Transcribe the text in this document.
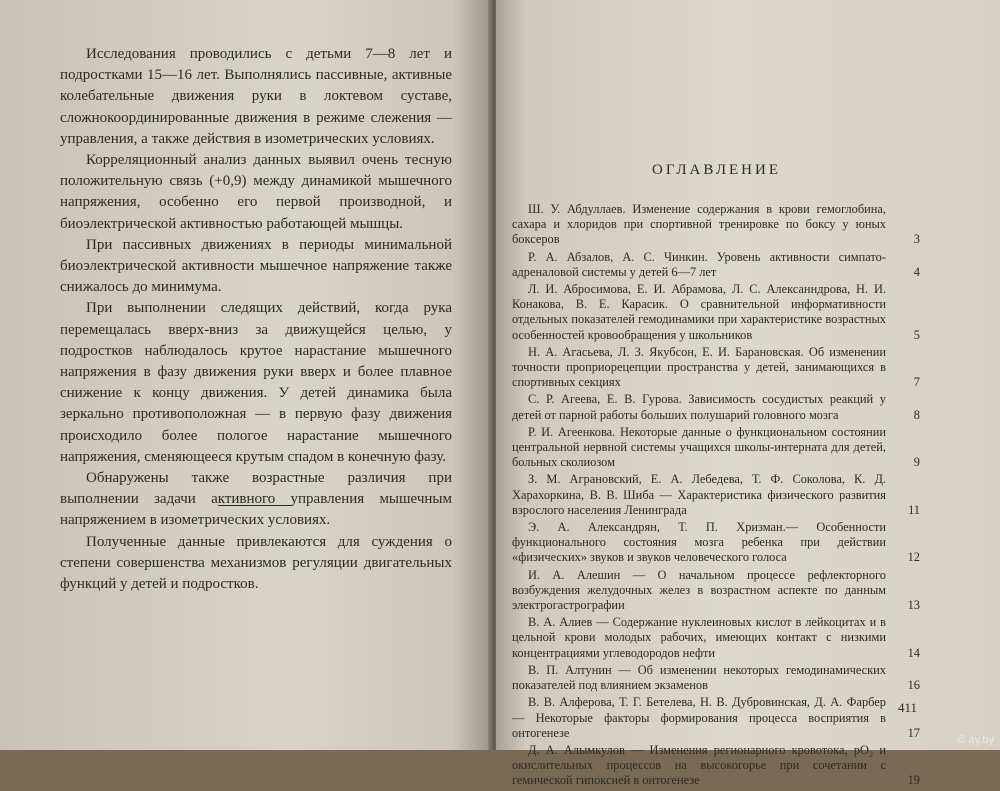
Исследования проводились с детьми 7—8 лет и подростками 15—16 лет. Выполнялись пассивные, активные колебательные движения руки в локтевом суставе, сложнокоординированные движения в режиме слежения — управления, а также действия в изометрических условиях.

Корреляционный анализ данных выявил очень тесную положительную связь (+0,9) между динамикой мышечного напряжения, особенно его первой производной, и биоэлектрической активностью работающей мышцы.

При пассивных движениях в периоды минимальной биоэлектрической активности мышечное напряжение также снижалось до минимума.

При выполнении следящих действий, когда рука перемещалась вверх-вниз за движущейся целью, у подростков наблюдалось крутое нарастание мышечного напряжения в фазу движения руки вверх и более плавное снижение к концу движения. У детей динамика была зеркально противоположная — в первую фазу движения происходило более пологое нарастание мышечного напряжения, сменяющееся крутым спадом в конечную фазу.

Обнаружены также возрастные различия при выполнении задачи активного управления мышечным напряжением в изометрических условиях.

Полученные данные привлекаются для суждения о степени совершенства механизмов регуляции двигательных функций у детей и подростков.

ОГЛАВЛЕНИЕ
Ш. У. Абдуллаев. Изменение содержания в крови гемоглобина, сахара и хлоридов при спортивной тренировке по боксу у юных боксеров	3
Р. А. Абзалов, А. С. Чинкин. Уровень активности симпато-адреналовой системы у детей 6—7 лет	4
Л. И. Абросимова, Е. И. Абрамова, Л. С. Алексанндрова, Н. И. Конакова, В. Е. Карасик. О сравнительной информативности отдельных показателей гемодинамики при характеристике возрастных особенностей кровообращения у школьников	5
Н. А. Агасьева, Л. З. Якубсон, Е. И. Барановская. Об изменении точности проприорецепции пространства у детей, занимающихся в спортивных секциях	7
С. Р. Агеева, Е. В. Гурова. Зависимость сосудистых реакций у детей от парной работы больших полушарий головного мозга	8
Р. И. Агеенкова. Некоторые данные о функциональном состоянии центральной нервной системы учащихся школы-интерната для детей, больных сколиозом	9
З. М. Аграновский, Е. А. Лебедева, Т. Ф. Соколова, К. Д. Харахоркина, В. В. Шиба — Характеристика физического развития взрослого населения Ленинграда	11
Э. А. Александрян, Т. П. Хризман.— Особенности функционального состояния мозга ребенка при действии «физических» звуков и звуков человеческого голоса	12
И. А. Алешин — О начальном процессе рефлекторного возбуждения желудочных желез в возрастном аспекте по данным электрогастрографии	13
В. А. Алиев — Содержание нуклеиновых кислот в лейкоцитах и в цельной крови молодых рабочих, имеющих контакт с низкими концентрациями углеводородов нефти	14
В. П. Алтунин — Об изменении некоторых гемодинамических показателей под влиянием экзаменов	16
В. В. Алферова, Т. Г. Бетелева, Н. В. Дубровинская, Д. А. Фарбер — Некоторые факторы формирования процесса восприятия в онтогенезе	17
Д. А. Алымкулов — Изменения регионарного кровотока, pO₂ и окислительных процессов на высокогорье при сочетании с гемической гипоксией в онтогенезе	19
411
© ay.by
